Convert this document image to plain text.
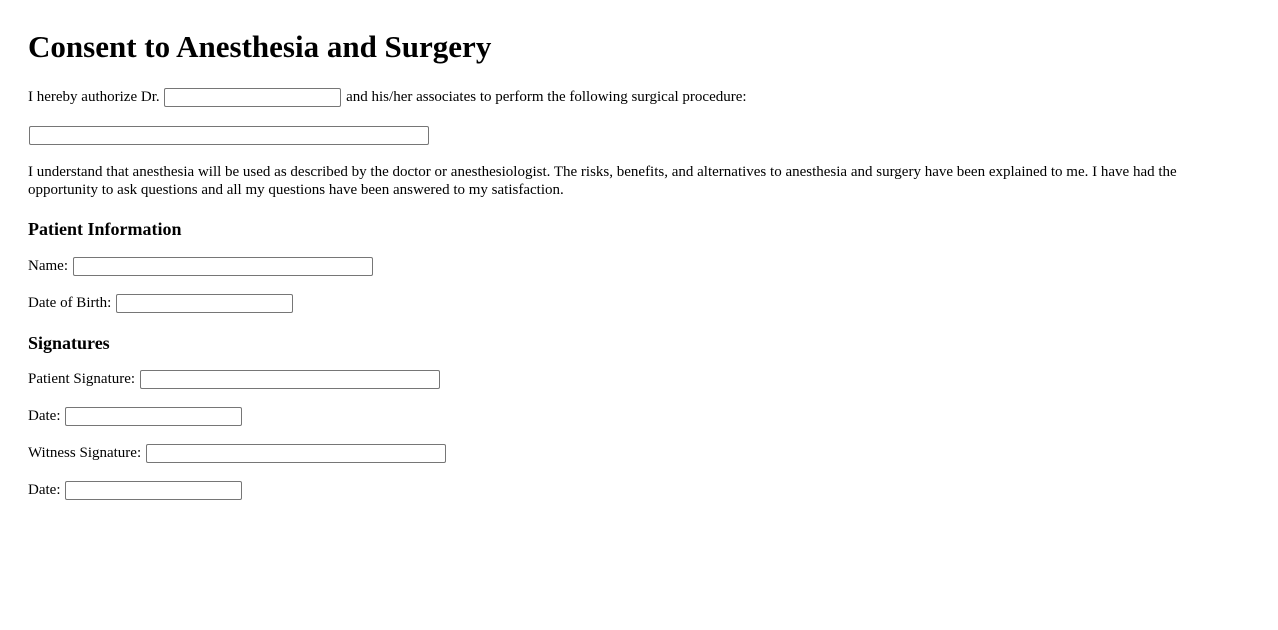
Consent to Anesthesia and Surgery

I hereby authorize Dr.	and his/her associates to perform the following surgical procedure:

I understand that anesthesia will be used as described by the doctor or anesthesiologist. The risks, benefits, and alternatives to anesthesia and surgery have been explained to me. I have had the opportunity to ask questions and all my questions have been answered to my satisfaction.

Patient Information
Name:
Date of Birth:
Signatures
Patient Signature:
Date:
Witness Signature:
Date:
